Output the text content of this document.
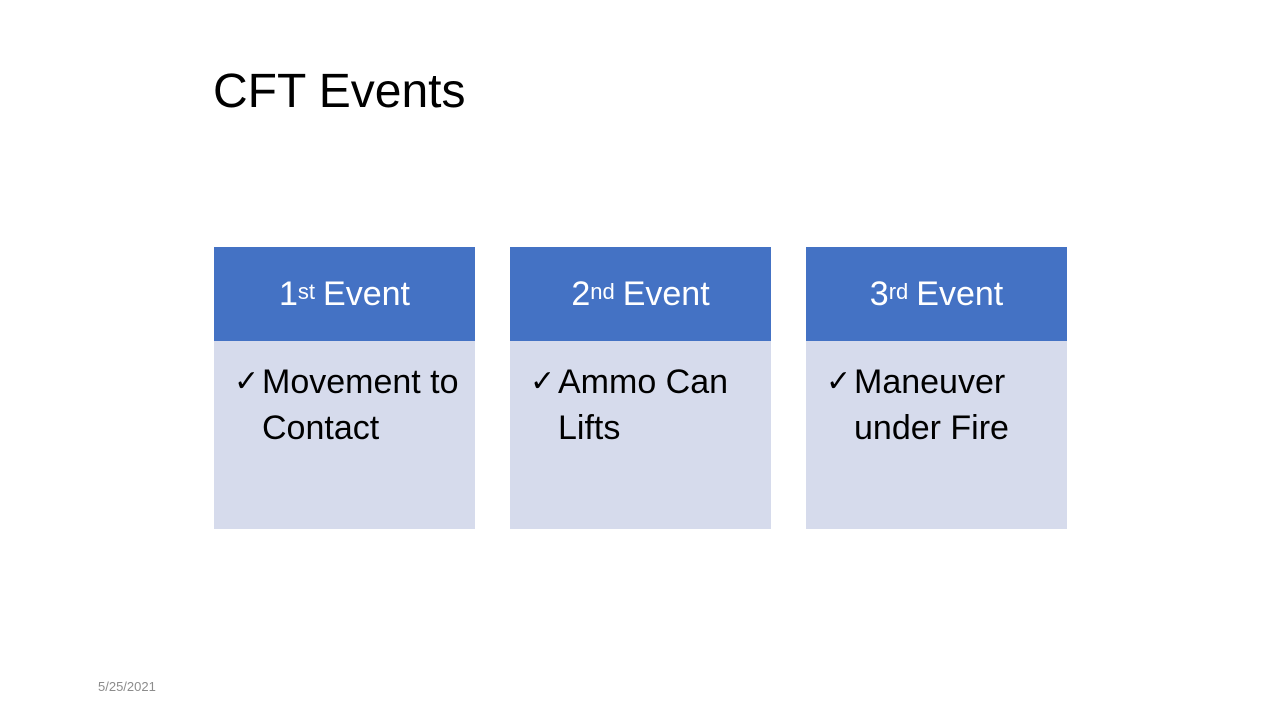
CFT Events
1st Event
✓ Movement to Contact
2nd Event
✓ Ammo Can Lifts
3rd Event
✓ Maneuver under Fire
5/25/2021
